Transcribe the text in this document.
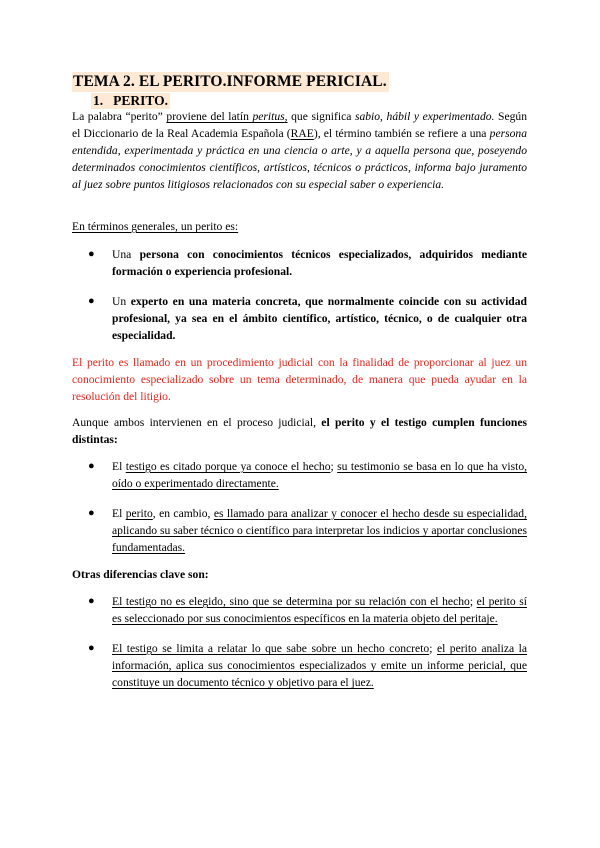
TEMA 2. EL PERITO.INFORME PERICIAL.
1. PERITO.

La palabra “perito” proviene del latín peritus, que significa sabio, hábil y experimentado. Según el Diccionario de la Real Academia Española (RAE), el término también se refiere a una persona entendida, experimentada y práctica en una ciencia o arte, y a aquella persona que, poseyendo determinados conocimientos científicos, artísticos, técnicos o prácticos, informa bajo juramento al juez sobre puntos litigiosos relacionados con su especial saber o experiencia.

En términos generales, un perito es:

●	Una persona con conocimientos técnicos especializados, adquiridos mediante formación o experiencia profesional.

●	Un experto en una materia concreta, que normalmente coincide con su actividad profesional, ya sea en el ámbito científico, artístico, técnico, o de cualquier otra especialidad.

El perito es llamado en un procedimiento judicial con la finalidad de proporcionar al juez un conocimiento especializado sobre un tema determinado, de manera que pueda ayudar en la resolución del litigio.

Aunque ambos intervienen en el proceso judicial, el perito y el testigo cumplen funciones distintas:

●	El testigo es citado porque ya conoce el hecho; su testimonio se basa en lo que ha visto, oído o experimentado directamente.

●	El perito, en cambio, es llamado para analizar y conocer el hecho desde su especialidad, aplicando su saber técnico o científico para interpretar los indicios y aportar conclusiones fundamentadas.

Otras diferencias clave son:

●	El testigo no es elegido, sino que se determina por su relación con el hecho; el perito sí es seleccionado por sus conocimientos específicos en la materia objeto del peritaje.

●	El testigo se limita a relatar lo que sabe sobre un hecho concreto; el perito analiza la información, aplica sus conocimientos especializados y emite un informe pericial, que constituye un documento técnico y objetivo para el juez.
